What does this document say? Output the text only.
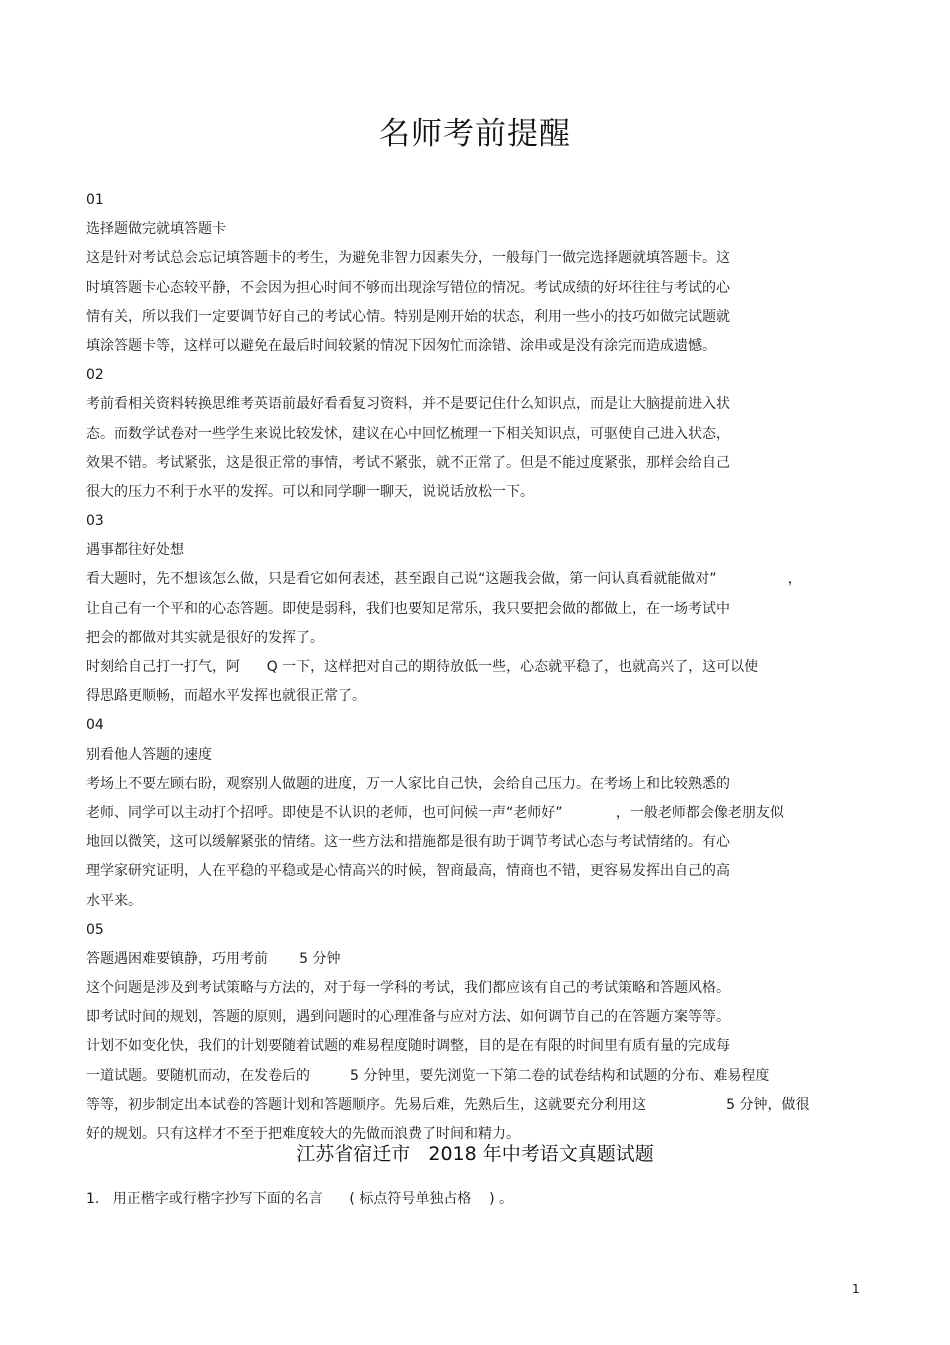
名师考前提醒
01
选择题做完就填答题卡
这是针对考试总会忘记填答题卡的考生，为避免非智力因素失分，一般每门一做完选择题就填答题卡。这
时填答题卡心态较平静，不会因为担心时间不够而出现涂写错位的情况。考试成绩的好坏往往与考试的心
情有关，所以我们一定要调节好自己的考试心情。特别是刚开始的状态，利用一些小的技巧如做完试题就
填涂答题卡等，这样可以避免在最后时间较紧的情况下因匆忙而涂错、涂串或是没有涂完而造成遗憾。
02
考前看相关资料转换思维考英语前最好看看复习资料，并不是要记住什么知识点，而是让大脑提前进入状
态。而数学试卷对一些学生来说比较发怵，建议在心中回忆梳理一下相关知识点，可驱使自己进入状态，
效果不错。考试紧张，这是很正常的事情，考试不紧张，就不正常了。但是不能过度紧张，那样会给自己
很大的压力不利于水平的发挥。可以和同学聊一聊天，说说话放松一下。
03
遇事都往好处想
看大题时，先不想该怎么做，只是看它如何表述，甚至跟自己说“这题我会做，第一问认真看就能做对”                ，
让自己有一个平和的心态答题。即使是弱科，我们也要知足常乐，我只要把会做的都做上，在一场考试中
把会的都做对其实就是很好的发挥了。
时刻给自己打一打气，阿      Q 一下，这样把对自己的期待放低一些，心态就平稳了，也就高兴了，这可以使
得思路更顺畅，而超水平发挥也就很正常了。
04
别看他人答题的速度
考场上不要左顾右盼，观察别人做题的进度，万一人家比自己快，会给自己压力。在考场上和比较熟悉的
老师、同学可以主动打个招呼。即使是不认识的老师，也可问候一声“老师好”            ，一般老师都会像老朋友似
地回以微笑，这可以缓解紧张的情绪。这一些方法和措施都是很有助于调节考试心态与考试情绪的。有心
理学家研究证明，人在平稳的平稳或是心情高兴的时候，智商最高，情商也不错，更容易发挥出自己的高
水平来。
05
答题遇困难要镇静，巧用考前       5 分钟
这个问题是涉及到考试策略与方法的，对于每一学科的考试，我们都应该有自己的考试策略和答题风格。
即考试时间的规划，答题的原则，遇到问题时的心理准备与应对方法、如何调节自己的在答题方案等等。
计划不如变化快，我们的计划要随着试题的难易程度随时调整，目的是在有限的时间里有质有量的完成每
一道试题。要随机而动，在发卷后的         5 分钟里，要先浏览一下第二卷的试卷结构和试题的分布、难易程度
等等，初步制定出本试卷的答题计划和答题顺序。先易后难，先熟后生，这就要充分利用这                  5 分钟，做很
好的规划。只有这样才不至于把难度较大的先做而浪费了时间和精力。
江苏省宿迁市   2018 年中考语文真题试题
1.   用正楷字或行楷字抄写下面的名言      ( 标点符号单独占格    ) 。
1
